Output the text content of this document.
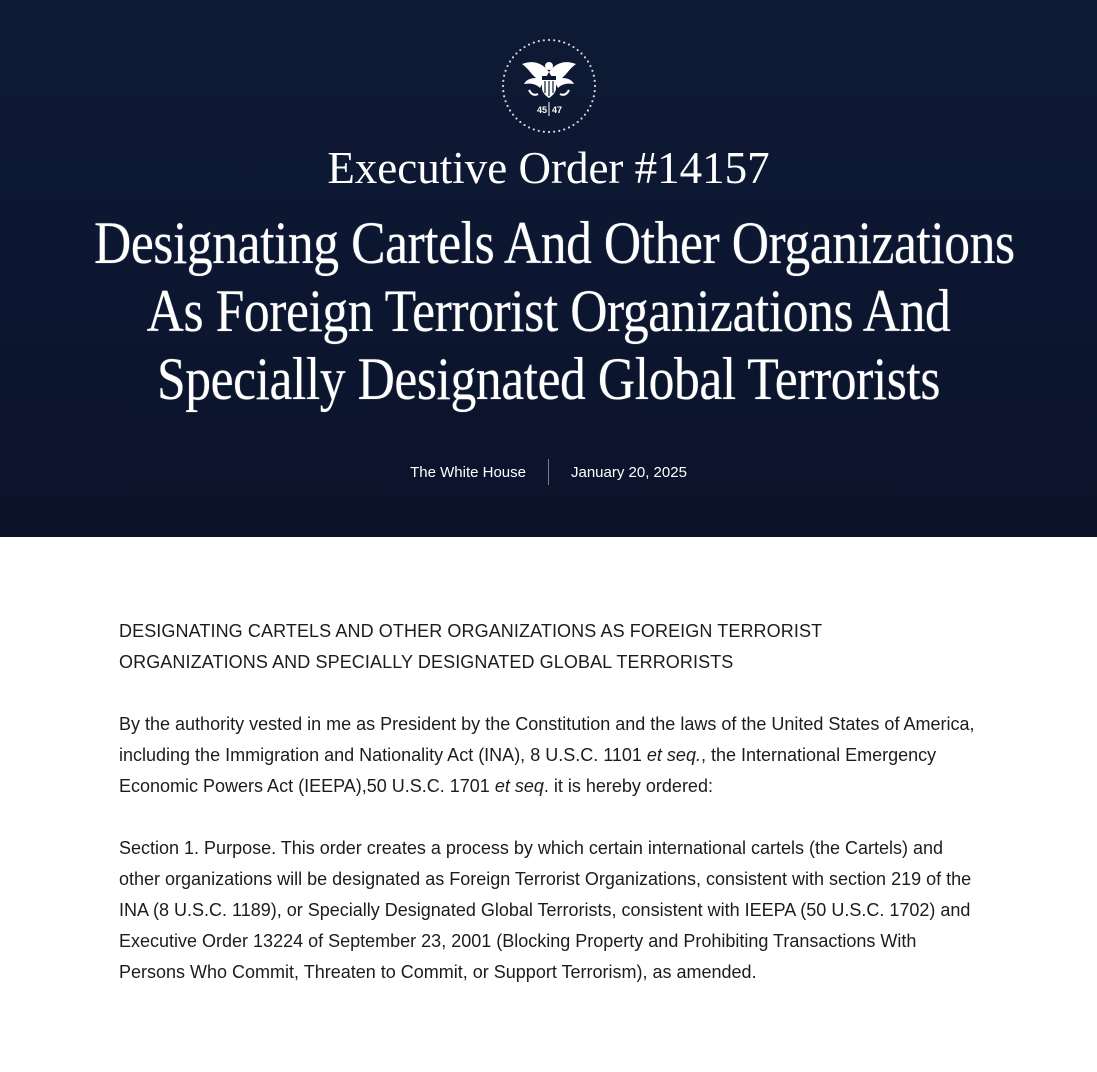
45 47
Executive Order #14157
Designating Cartels And Other Organizations
As Foreign Terrorist Organizations And
Specially Designated Global Terrorists
The White House	January 20, 2025

DESIGNATING CARTELS AND OTHER ORGANIZATIONS AS FOREIGN TERRORIST
ORGANIZATIONS AND SPECIALLY DESIGNATED GLOBAL TERRORISTS

By the authority vested in me as President by the Constitution and the laws of the United States of America, including the Immigration and Nationality Act (INA), 8 U.S.C. 1101 et seq., the International Emergency Economic Powers Act (IEEPA),50 U.S.C. 1701 et seq. it is hereby ordered:

Section 1. Purpose. This order creates a process by which certain international cartels (the Cartels) and other organizations will be designated as Foreign Terrorist Organizations, consistent with section 219 of the INA (8 U.S.C. 1189), or Specially Designated Global Terrorists, consistent with IEEPA (50 U.S.C. 1702) and Executive Order 13224 of September 23, 2001 (Blocking Property and Prohibiting Transactions With Persons Who Commit, Threaten to Commit, or Support Terrorism), as amended.
